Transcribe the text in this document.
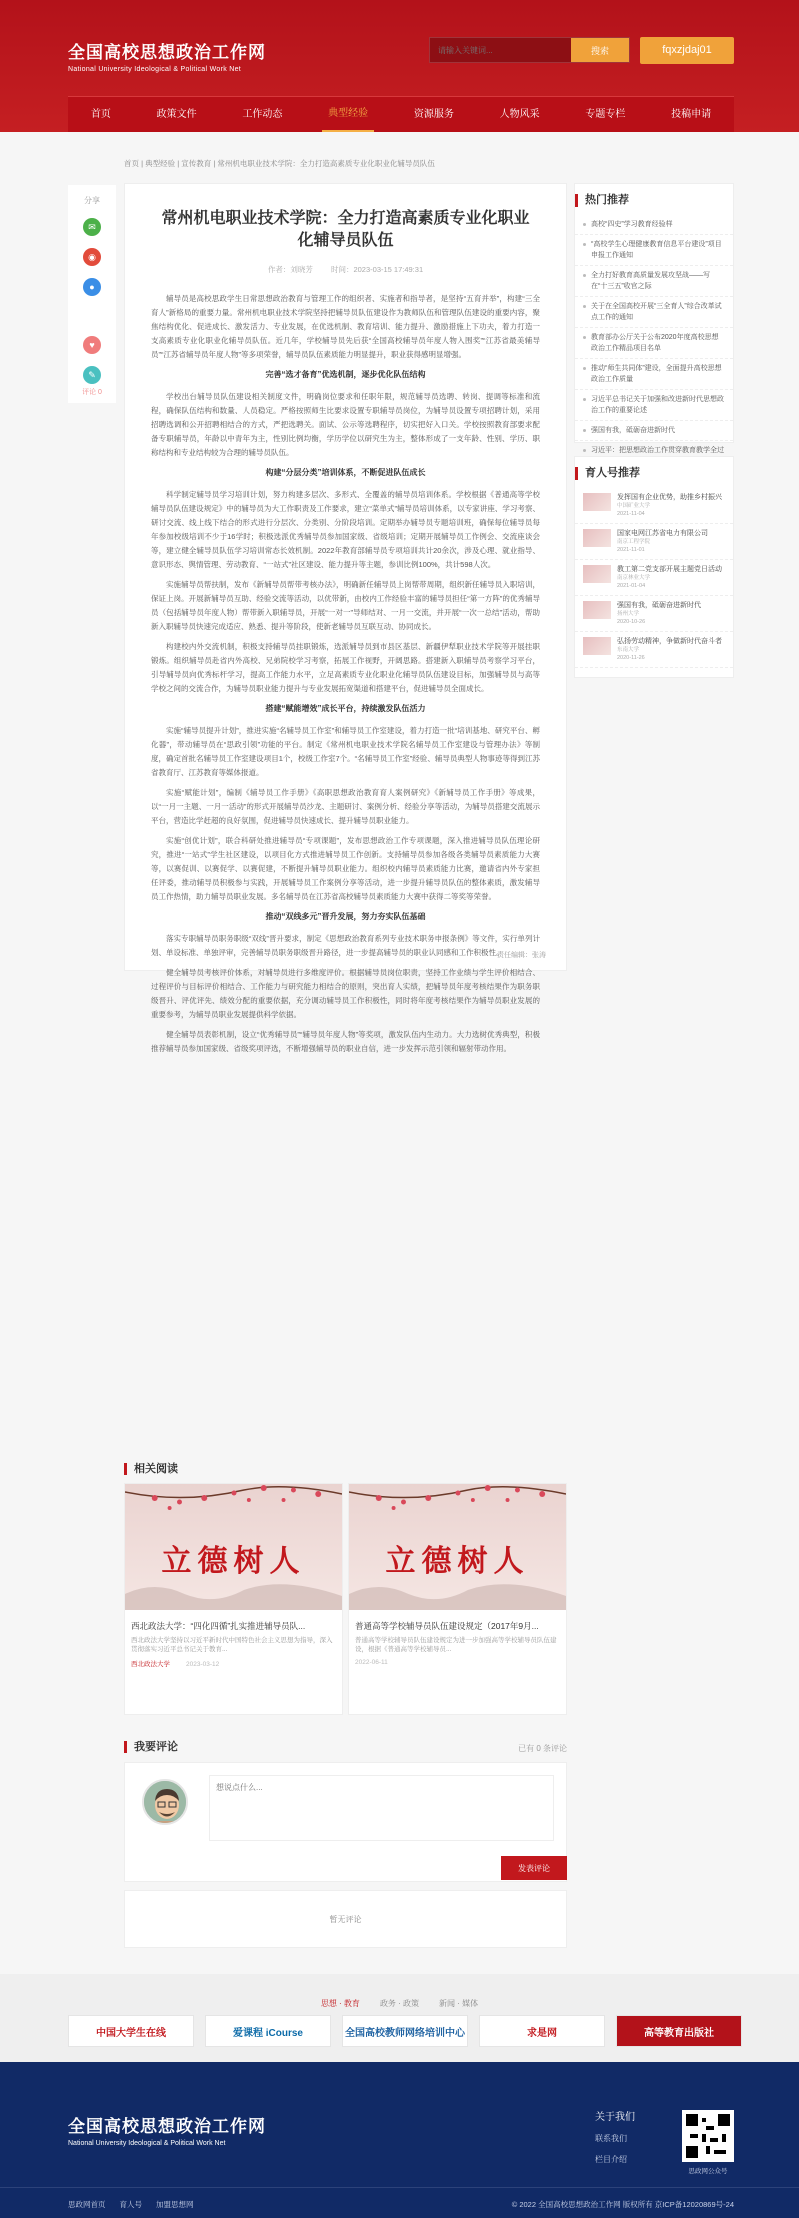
全国高校思想政治工作网
National University Ideological & Political Work Net
请输入关键词...
搜索	fqxzjdaj01
首页	政策文件	工作动态	典型经验	资源服务	人物风采	专题专栏	投稿申请
首页 | 典型经验 | 宣传教育 | 常州机电职业技术学院：全力打造高素质专业化职业化辅导员队伍
分享
✉
◉
●
♥
✎
评论 0
常州机电职业技术学院：全力打造高素质专业化职业化辅导员队伍
作者：刘晓芳 时间：2023-03-15 17:49:31

辅导员是高校思政学生日常思想政治教育与管理工作的组织者、实施者和指导者，是坚持“五育并举”，构建“三全育人”新格局的重要力量。常州机电职业技术学院坚持把辅导员队伍建设作为教师队伍和管理队伍建设的重要内容，聚焦结构优化、促进成长、激发活力、专业发展，在优选机制、教育培训、能力提升、激励措施上下功夫，着力打造一支高素质专业化职业化辅导员队伍。近几年，学校辅导员先后获“全国高校辅导员年度人物入围奖”“江苏省最美辅导员”“江苏省辅导员年度人物”等多项荣誉，辅导员队伍素质能力明显提升，职业获得感明显增强。

完善“选才备育”优选机制，逐步优化队伍结构

学校出台辅导员队伍建设相关制度文件，明确岗位要求和任职年限，规范辅导员选聘、转岗、提调等标准和流程，确保队伍结构和数量、人员稳定。严格按照师生比要求设置专职辅导员岗位，为辅导员设置专项招聘计划，采用招聘选调和公开招聘相结合的方式，严把选聘关。面试、公示等选聘程序，切实把好入口关。学校按照教育部要求配备专职辅导员，年龄以中青年为主，性别比例均衡，学历学位以研究生为主，整体形成了一支年龄、性别、学历、职称结构和专业结构较为合理的辅导员队伍。

构建“分层分类”培训体系，不断促进队伍成长

科学制定辅导员学习培训计划，努力构建多层次、多形式、全覆盖的辅导员培训体系。学校根据《普通高等学校辅导员队伍建设规定》中的辅导员为大工作职责及工作要求，建立“菜单式”辅导员培训体系，以专家讲座、学习考察、研讨交流、线上线下结合的形式进行分层次、分类别、分阶段培训。定期举办辅导员专题培训班，确保每位辅导员每年参加校级培训不少于16学时；积极选派优秀辅导员参加国家级、省级培训；定期开展辅导员工作例会、交流座谈会等，建立健全辅导员队伍学习培训常态长效机制。2022年教育部辅导员专项培训共计20余次，涉及心理、就业指导、意识形态、舆情管理、劳动教育、“一站式”社区建设、能力提升等主题，参训比例100%，共计598人次。

实施辅导员帮扶制，发布《新辅导员帮带考核办法》，明确新任辅导员上岗帮带周期，组织新任辅导员入职培训，保证上岗。开展新辅导员互助、经验交流等活动，以优带新，由校内工作经验丰富的辅导员担任“第一方阵”的优秀辅导员（包括辅导员年度人物）帮带新入职辅导员，开展“一对一”导师结对、一月一交流，并开展“一次一总结”活动，帮助新入职辅导员快速完成适应、熟悉、提升等阶段，使新老辅导员互联互动、协同成长。

构建校内外交流机制，积极支持辅导员挂职锻炼，选派辅导员到市县区基层、新疆伊犁职业技术学院等开展挂职锻炼。组织辅导员赴省内外高校、兄弟院校学习考察，拓展工作视野，开阔思路。搭建新入职辅导员考察学习平台，引导辅导员向优秀标杆学习，提高工作能力水平，立足高素质专业化职业化辅导员队伍建设目标，加强辅导员与高等学校之间的交流合作，为辅导员职业能力提升与专业发展拓宽渠道和搭建平台，促进辅导员全面成长。

搭建“赋能增效”成长平台，持续激发队伍活力

实施“辅导员提升计划”，推进实施“名辅导员工作室”和辅导员工作室建设，着力打造一批“培训基地、研究平台、孵化器”，带动辅导员在“思政引领”功能的平台。制定《常州机电职业技术学院名辅导员工作室建设与管理办法》等制度，确定首批名辅导员工作室建设项目1个，校级工作室7个。“名辅导员工作室”经验、辅导员典型人物事迹等得到江苏省教育厅、江苏教育等媒体报道。

实施“赋能计划”，编制《辅导员工作手册》《高职思想政治教育育人案例研究》《新辅导员工作手册》等成果，以“一月一主题、一月一活动”的形式开展辅导员沙龙、主题研讨、案例分析、经验分享等活动，为辅导员搭建交流展示平台，营造比学赶超的良好氛围，促进辅导员快速成长、提升辅导员职业能力。

实施“创优计划”，联合科研处推进辅导员“专项课题”，发布思想政治工作专项课题，深入推进辅导员队伍理论研究，推进“一站式”学生社区建设，以项目化方式推进辅导员工作创新。支持辅导员参加各级各类辅导员素质能力大赛等，以赛促训、以赛促学、以赛促建，不断提升辅导员职业能力。组织校内辅导员素质能力比赛，邀请省内外专家担任评委，推动辅导员积极参与实践，开展辅导员工作案例分享等活动，进一步提升辅导员队伍的整体素质，激发辅导员工作热情，助力辅导员职业发展。多名辅导员在江苏省高校辅导员素质能力大赛中获得二等奖等荣誉。

推动“双线多元”晋升发展，努力夯实队伍基础

落实专职辅导员职务职级“双线”晋升要求，制定《思想政治教育系列专业技术职务申报条例》等文件，实行单列计划、单设标准、单独评审，完善辅导员职务职级晋升路径，进一步提高辅导员的职业认同感和工作积极性。

健全辅导员考核评价体系，对辅导员进行多维度评价。根据辅导员岗位职责，坚持工作业绩与学生评价相结合、过程评价与目标评价相结合、工作能力与研究能力相结合的原则，突出育人实绩，把辅导员年度考核结果作为职务职级晋升、评优评先、绩效分配的重要依据，充分调动辅导员工作积极性，同时将年度考核结果作为辅导员职业发展的重要参考，为辅导员职业发展提供科学依据。

健全辅导员表彰机制，设立“优秀辅导员”“辅导员年度人物”等奖项，激发队伍内生动力。大力选树优秀典型，积极推荐辅导员参加国家级、省级奖项评选，不断增强辅导员的职业自信，进一步发挥示范引领和辐射带动作用。

责任编辑：张涛
热门推荐
高校“四史”学习教育经验样
“高校学生心理健康教育信息平台建设”项目申报工作通知
全力打好教育高质量发展攻坚战——写在“十三五”收官之际
关于在全国高校开展“三全育人”综合改革试点工作的通知
教育部办公厅关于公布2020年度高校思想政治工作精品项目名单
推动“师生共同体”建设，全面提升高校思想政治工作质量
习近平总书记关于加强和改进新时代思想政治工作的重要论述
强国有我，砥砺奋进新时代
习近平：把思想政治工作贯穿教育教学全过
育人号推荐
发挥国有企业优势，助推乡村振兴
中国矿业大学
2021-11-04
国家电网江苏省电力有限公司
南京工程学院
2021-11-01
教工第二党支部开展主题党日活动
南京林业大学
2021-01-04
强国有我，砥砺奋进新时代
扬州大学
2020-10-26
弘扬劳动精神，争做新时代奋斗者
东南大学
2020-11-26
相关阅读
立德树人
西北政法大学：“四化四循”扎实推进辅导员队...
西北政法大学坚持以习近平新时代中国特色社会主义思想为指导，深入贯彻落实习近平总书记关于教育...
西北政法大学 2023-03-12
立德树人
普通高等学校辅导员队伍建设规定（2017年9月...
普通高等学校辅导员队伍建设规定为进一步加强高等学校辅导员队伍建设，根据《普通高等学校辅导员...
2022-06-11
我要评论	已有 0 条评论
想说点什么...
发表评论
暂无评论
思想 · 教育	政务 · 政策	新闻 · 媒体
中国大学生在线	爱课程 iCourse	全国高校教师网络培训中心	求是网	高等教育出版社
全国高校思想政治工作网
National University Ideological & Political Work Net
关于我们
联系我们
栏目介绍
思政网公众号
思政网首页 育人号 加盟思想网	© 2022 全国高校思想政治工作网 版权所有 京ICP备12020869号-24
